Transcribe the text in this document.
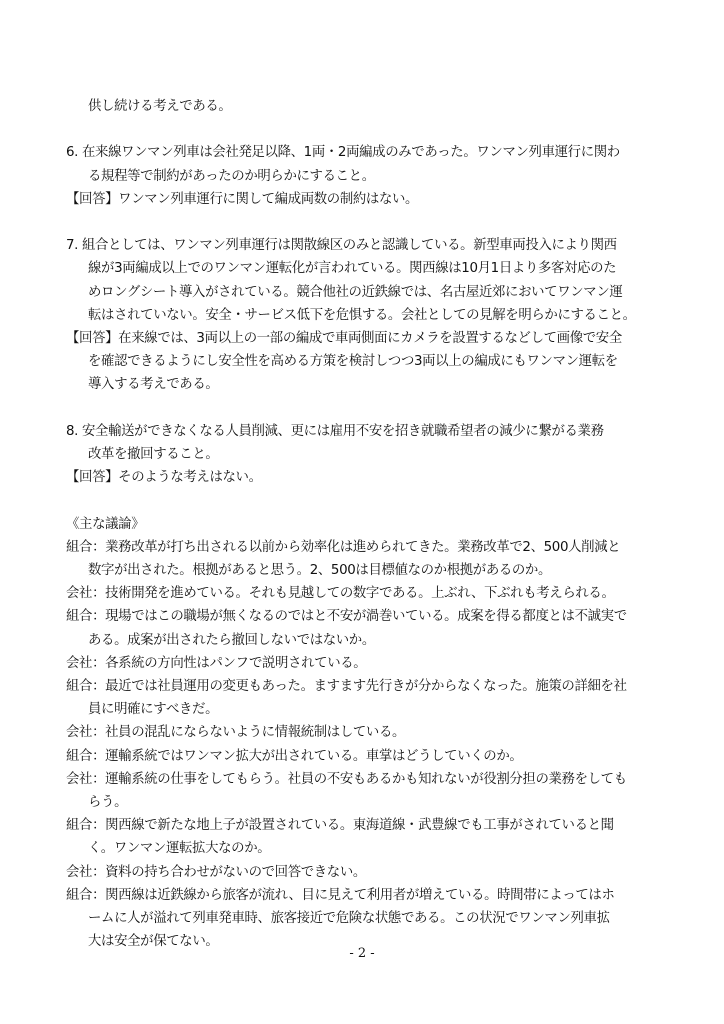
供し続ける考えである。

6. 在来線ワンマン列車は会社発足以降、1両・2両編成のみであった。ワンマン列車運行に関わ

る規程等で制約があったのか明らかにすること。

【回答】ワンマン列車運行に関して編成両数の制約はない。

7. 組合としては、ワンマン列車運行は関散線区のみと認識している。新型車両投入により関西

線が3両編成以上でのワンマン運転化が言われている。関西線は10月1日より多客対応のた

めロングシート導入がされている。競合他社の近鉄線では、名古屋近郊においてワンマン運

転はされていない。安全・サービス低下を危惧する。会社としての見解を明らかにすること。

【回答】在来線では、3両以上の一部の編成で車両側面にカメラを設置するなどして画像で安全

を確認できるようにし安全性を高める方策を検討しつつ3両以上の編成にもワンマン運転を

導入する考えである。

8. 安全輸送ができなくなる人員削減、更には雇用不安を招き就職希望者の減少に繋がる業務

改革を撤回すること。

【回答】そのような考えはない。

《主な議論》

組合：業務改革が打ち出される以前から効率化は進められてきた。業務改革で2、500人削減と

数字が出された。根拠があると思う。2、500は目標値なのか根拠があるのか。

会社：技術開発を進めている。それも見越しての数字である。上ぶれ、下ぶれも考えられる。

組合：現場ではこの職場が無くなるのではと不安が渦巻いている。成案を得る都度とは不誠実で

ある。成案が出されたら撤回しないではないか。

会社：各系統の方向性はパンフで説明されている。

組合：最近では社員運用の変更もあった。ますます先行きが分からなくなった。施策の詳細を社

員に明確にすべきだ。

会社：社員の混乱にならないように情報統制はしている。

組合：運輸系統ではワンマン拡大が出されている。車掌はどうしていくのか。

会社：運輸系統の仕事をしてもらう。社員の不安もあるかも知れないが役割分担の業務をしても

らう。

組合：関西線で新たな地上子が設置されている。東海道線・武豊線でも工事がされていると聞

く。ワンマン運転拡大なのか。

会社：資料の持ち合わせがないので回答できない。

組合：関西線は近鉄線から旅客が流れ、目に見えて利用者が増えている。時間帯によってはホ

ームに人が溢れて列車発車時、旅客接近で危険な状態である。この状況でワンマン列車拡

大は安全が保てない。

- 2 -
